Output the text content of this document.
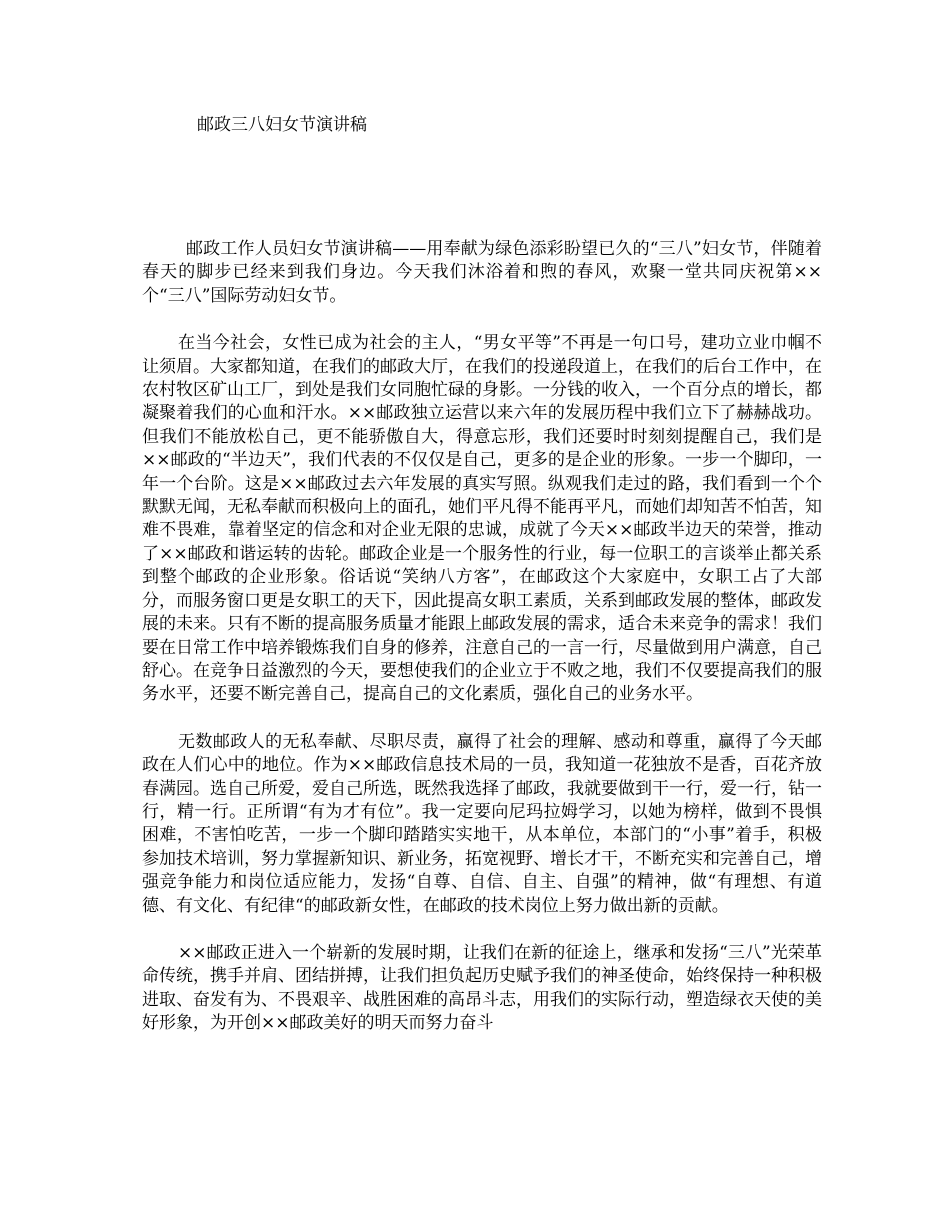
邮政三八妇女节演讲稿

邮政工作人员妇女节演讲稿——用奉献为绿色添彩盼望已久的“三八”妇女节，伴随着春天的脚步已经来到我们身边。今天我们沐浴着和煦的春风，欢聚一堂共同庆祝第××个“三八”国际劳动妇女节。

在当今社会，女性已成为社会的主人，“男女平等”不再是一句口号，建功立业巾帼不让须眉。大家都知道，在我们的邮政大厅，在我们的投递段道上，在我们的后台工作中，在农村牧区矿山工厂，到处是我们女同胞忙碌的身影。一分钱的收入，一个百分点的增长，都凝聚着我们的心血和汗水。××邮政独立运营以来六年的发展历程中我们立下了赫赫战功。但我们不能放松自己，更不能骄傲自大，得意忘形，我们还要时时刻刻提醒自己，我们是××邮政的“半边天”，我们代表的不仅仅是自己，更多的是企业的形象。一步一个脚印，一年一个台阶。这是××邮政过去六年发展的真实写照。纵观我们走过的路，我们看到一个个默默无闻，无私奉献而积极向上的面孔，她们平凡得不能再平凡，而她们却知苦不怕苦，知难不畏难，靠着坚定的信念和对企业无限的忠诚，成就了今天××邮政半边天的荣誉，推动了××邮政和谐运转的齿轮。邮政企业是一个服务性的行业，每一位职工的言谈举止都关系到整个邮政的企业形象。俗话说“笑纳八方客”，在邮政这个大家庭中，女职工占了大部分，而服务窗口更是女职工的天下，因此提高女职工素质，关系到邮政发展的整体，邮政发展的未来。只有不断的提高服务质量才能跟上邮政发展的需求，适合未来竞争的需求！我们要在日常工作中培养锻炼我们自身的修养，注意自己的一言一行，尽量做到用户满意，自己舒心。在竞争日益激烈的今天，要想使我们的企业立于不败之地，我们不仅要提高我们的服务水平，还要不断完善自己，提高自己的文化素质，强化自己的业务水平。

无数邮政人的无私奉献、尽职尽责，赢得了社会的理解、感动和尊重，赢得了今天邮政在人们心中的地位。作为××邮政信息技术局的一员，我知道一花独放不是香，百花齐放春满园。选自己所爱，爱自己所选，既然我选择了邮政，我就要做到干一行，爱一行，钻一行，精一行。正所谓“有为才有位”。我一定要向尼玛拉姆学习，以她为榜样，做到不畏惧困难，不害怕吃苦，一步一个脚印踏踏实实地干，从本单位，本部门的“小事”着手，积极参加技术培训，努力掌握新知识、新业务，拓宽视野、增长才干，不断充实和完善自己，增强竞争能力和岗位适应能力，发扬“自尊、自信、自主、自强”的精神，做“有理想、有道德、有文化、有纪律“的邮政新女性，在邮政的技术岗位上努力做出新的贡献。

××邮政正进入一个崭新的发展时期，让我们在新的征途上，继承和发扬“三八”光荣革命传统，携手并肩、团结拼搏，让我们担负起历史赋予我们的神圣使命，始终保持一种积极进取、奋发有为、不畏艰辛、战胜困难的高昂斗志，用我们的实际行动，塑造绿衣天使的美好形象，为开创××邮政美好的明天而努力奋斗
